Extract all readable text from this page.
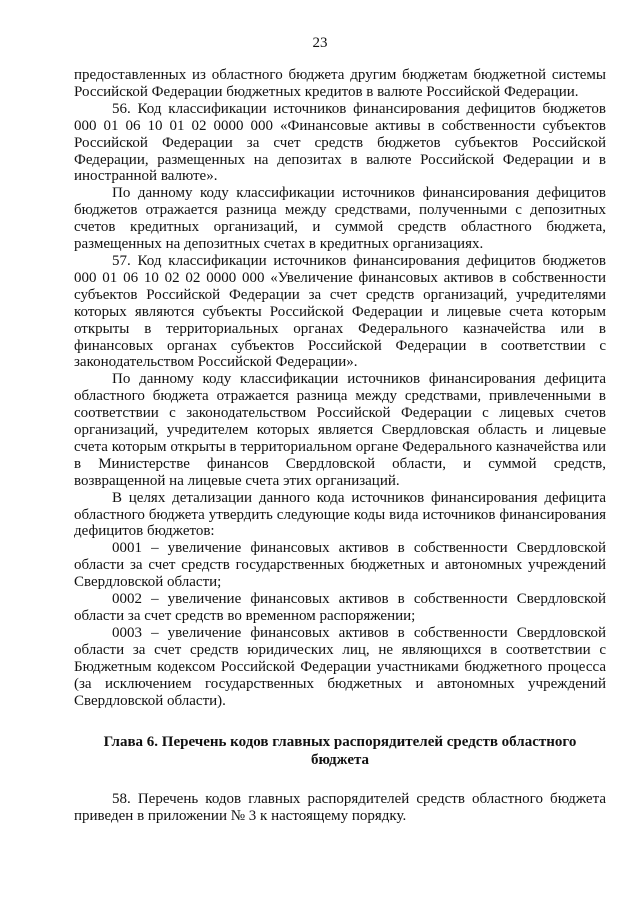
23

предоставленных из областного бюджета другим бюджетам бюджетной системы Российской Федерации бюджетных кредитов в валюте Российской Федерации.

56. Код классификации источников финансирования дефицитов бюджетов 000 01 06 10 01 02 0000 000 «Финансовые активы в собственности субъектов Российской Федерации за счет средств бюджетов субъектов Российской Федерации, размещенных на депозитах в валюте Российской Федерации и в иностранной валюте».

По данному коду классификации источников финансирования дефицитов бюджетов отражается разница между средствами, полученными с депозитных счетов кредитных организаций, и суммой средств областного бюджета, размещенных на депозитных счетах в кредитных организациях.

57. Код классификации источников финансирования дефицитов бюджетов 000 01 06 10 02 02 0000 000 «Увеличение финансовых активов в собственности субъектов Российской Федерации за счет средств организаций, учредителями которых являются субъекты Российской Федерации и лицевые счета которым открыты в территориальных органах Федерального казначейства или в финансовых органах субъектов Российской Федерации в соответствии с законодательством Российской Федерации».

По данному коду классификации источников финансирования дефицита областного бюджета отражается разница между средствами, привлеченными в соответствии с законодательством Российской Федерации с лицевых счетов организаций, учредителем которых является Свердловская область и лицевые счета которым открыты в территориальном органе Федерального казначейства или в Министерстве финансов Свердловской области, и суммой средств, возвращенной на лицевые счета этих организаций.

В целях детализации данного кода источников финансирования дефицита областного бюджета утвердить следующие коды вида источников финансирования дефицитов бюджетов:

0001 – увеличение финансовых активов в собственности Свердловской области за счет средств государственных бюджетных и автономных учреждений Свердловской области;

0002 – увеличение финансовых активов в собственности Свердловской области за счет средств во временном распоряжении;

0003 – увеличение финансовых активов в собственности Свердловской области за счет средств юридических лиц, не являющихся в соответствии с Бюджетным кодексом Российской Федерации участниками бюджетного процесса (за исключением государственных бюджетных и автономных учреждений Свердловской области).

Глава 6. Перечень кодов главных распорядителей средств областного бюджета

58. Перечень кодов главных распорядителей средств областного бюджета приведен в приложении № 3 к настоящему порядку.
